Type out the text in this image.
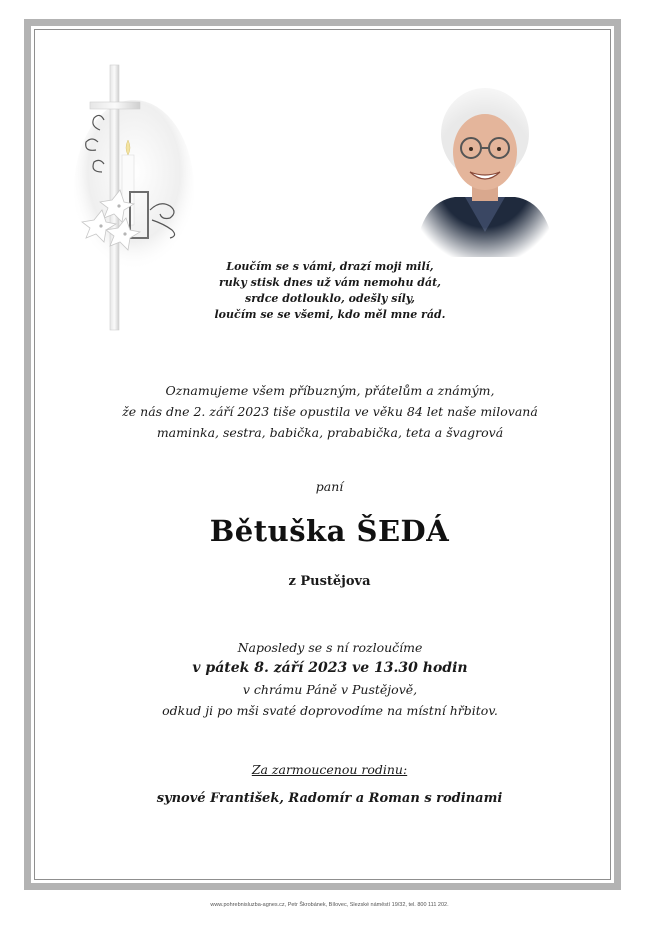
Loučím se s vámi, drazí moji milí,
ruky stisk dnes už vám nemohu dát,
srdce dotlouklo, odešly síly,
loučím se se všemi, kdo měl mne rád.
Oznamujeme všem příbuzným, přátelům a známým,
že nás dne 2. září 2023 tiše opustila ve věku 84 let naše milovaná
maminka, sestra, babička, prababička, teta a švagrová
paní
Bětuška ŠEDÁ
z Pustějova
Naposledy se s ní rozloučíme
v pátek 8. září 2023 ve 13.30 hodin
v chrámu Páně v Pustějově,
odkud ji po mši svaté doprovodíme na místní hřbitov.
Za zarmoucenou rodinu:
synové František, Radomír a Roman s rodinami
www.pohrebnisluzba-agnes.cz, Petr Škrobánek, Bílovec, Slezské náměstí 19/32, tel. 800 111 202.
